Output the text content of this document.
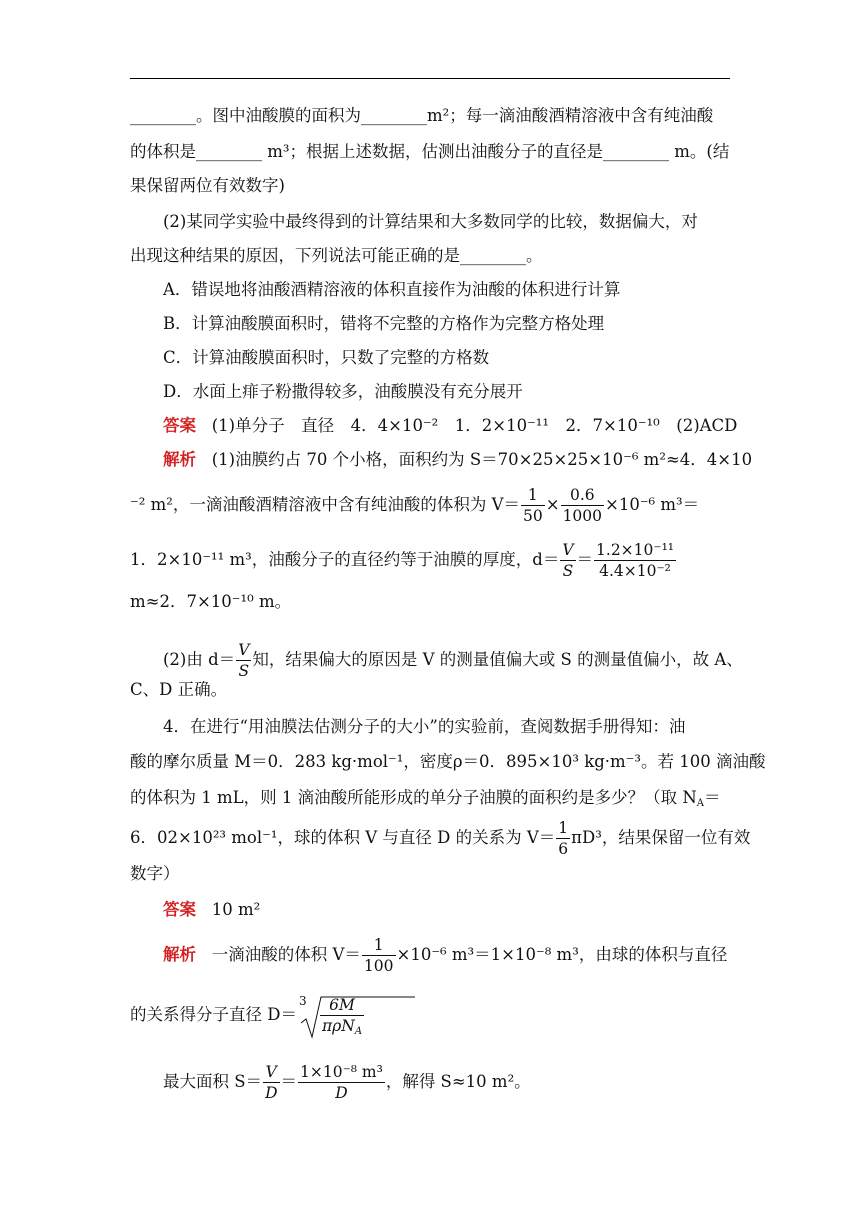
________。图中油酸膜的面积为________m²；每一滴油酸酒精溶液中含有纯油酸
的体积是________ m³；根据上述数据，估测出油酸分子的直径是________ m。(结
果保留两位有效数字)
(2)某同学实验中最终得到的计算结果和大多数同学的比较，数据偏大，对
出现这种结果的原因，下列说法可能正确的是________。
A．错误地将油酸酒精溶液的体积直接作为油酸的体积进行计算
B．计算油酸膜面积时，错将不完整的方格作为完整方格处理
C．计算油酸膜面积时，只数了完整的方格数
D．水面上痱子粉撒得较多，油酸膜没有充分展开
答案 (1)单分子　直径　4．4×10⁻²　1．2×10⁻¹¹　2．7×10⁻¹⁰　(2)ACD
解析 (1)油膜约占 70 个小格，面积约为 S＝70×25×25×10⁻⁶ m²≈4．4×10
⁻² m²，一滴油酸酒精溶液中含有纯油酸的体积为 $V= \frac{1}{50} \times \frac{0.6}{1000} \times 10^{-6}$ m³＝
1．2×10⁻¹¹ m³，油酸分子的直径约等于油膜的厚度，$d= \frac{V}{S} = \frac{\text{1.2×10⁻¹¹}}{\text{4.4×10⁻²}}$
m≈2．7×10⁻¹⁰ m。
(2)由 $d= \frac{V}{S}$ 知，结果偏大的原因是 V 的测量值偏大或 S 的测量值偏小，故 A、
C、D 正确。
4．在进行“用油膜法估测分子的大小”的实验前，查阅数据手册得知：油
酸的摩尔质量 M＝0．283 kg·mol⁻¹，密度ρ＝0．895×10³ kg·m⁻³。若 100 滴油酸
的体积为 1 mL，则 1 滴油酸所能形成的单分子油膜的面积约是多少？（取 $N_A=$
6．02×10²³ mol⁻¹，球的体积 V 与直径 D 的关系为 $V= \frac{1}{6} \pi D^3$，结果保留一位有效
数字）
答案 10 m²
解析 一滴油酸的体积 $V= \frac{1}{100} \times 10^{-6}$ m³＝1×10⁻⁸ m³，由球的体积与直径
的关系得分子直径 D＝
$3 \frac{6M}{\pi\rho N_A}$
最大面积 $S= \frac{V}{D} = \frac{\text{1×10⁻⁸ m³}}{D}$ ，解得 S≈10 m²。
